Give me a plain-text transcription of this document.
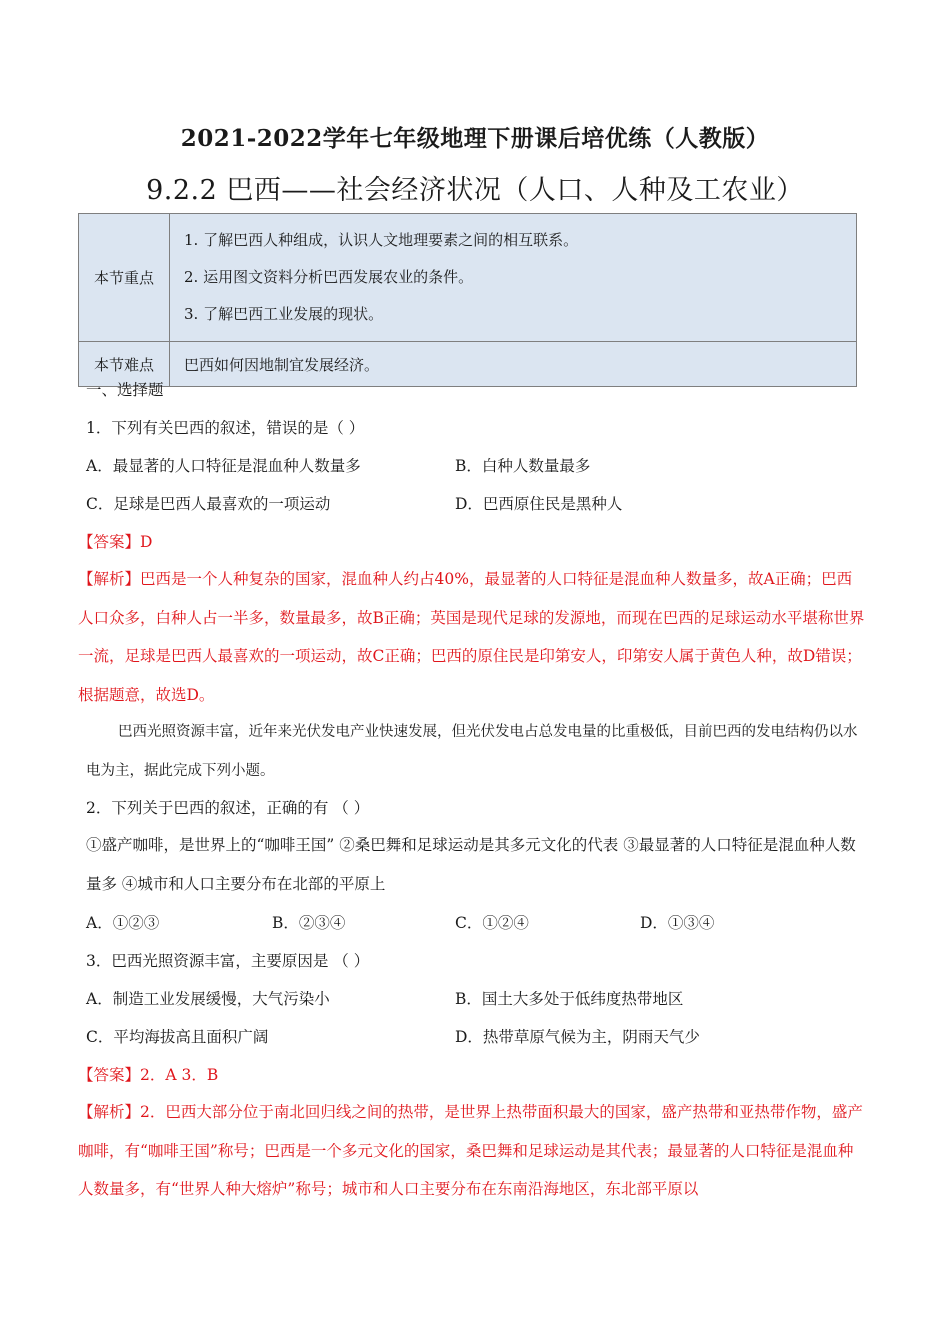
2021-2022学年七年级地理下册课后培优练（人教版）
9.2.2 巴西——社会经济状况（人口、人种及工农业）
本节重点	1. 了解巴西人种组成，认识人文地理要素之间的相互联系。
2. 运用图文资料分析巴西发展农业的条件。
3. 了解巴西工业发展的现状。

本节难点	巴西如何因地制宜发展经济。
一、选择题
1．下列有关巴西的叙述，错误的是（ ）
A．最显著的人口特征是混血种人数量多	B．白种人数量最多
C．足球是巴西人最喜欢的一项运动	D．巴西原住民是黑种人
【答案】D
【解析】巴西是一个人种复杂的国家，混血种人约占40%，最显著的人口特征是混血种人数量多，故A正确；巴西人口众多，白种人占一半多，数量最多，故B正确；英国是现代足球的发源地，而现在巴西的足球运动水平堪称世界一流，足球是巴西人最喜欢的一项运动，故C正确；巴西的原住民是印第安人，印第安人属于黄色人种，故D错误；根据题意，故选D。
巴西光照资源丰富，近年来光伏发电产业快速发展，但光伏发电占总发电量的比重极低，目前巴西的发电结构仍以水电为主，据此完成下列小题。
2．下列关于巴西的叙述，正确的有 （ ）
①盛产咖啡，是世界上的“咖啡王国” ②桑巴舞和足球运动是其多元文化的代表 ③最显著的人口特征是混血种人数量多 ④城市和人口主要分布在北部的平原上
A．①②③	B．②③④	C．①②④	D．①③④
3．巴西光照资源丰富，主要原因是 （ ）
A．制造工业发展缓慢，大气污染小	B．国土大多处于低纬度热带地区
C．平均海拔高且面积广阔	D．热带草原气候为主，阴雨天气少
【答案】2．A 3．B
【解析】2．巴西大部分位于南北回归线之间的热带，是世界上热带面积最大的国家，盛产热带和亚热带作物，盛产咖啡，有“咖啡王国”称号；巴西是一个多元文化的国家，桑巴舞和足球运动是其代表；最显著的人口特征是混血种人数量多，有“世界人种大熔炉”称号；城市和人口主要分布在东南沿海地区，东北部平原以
